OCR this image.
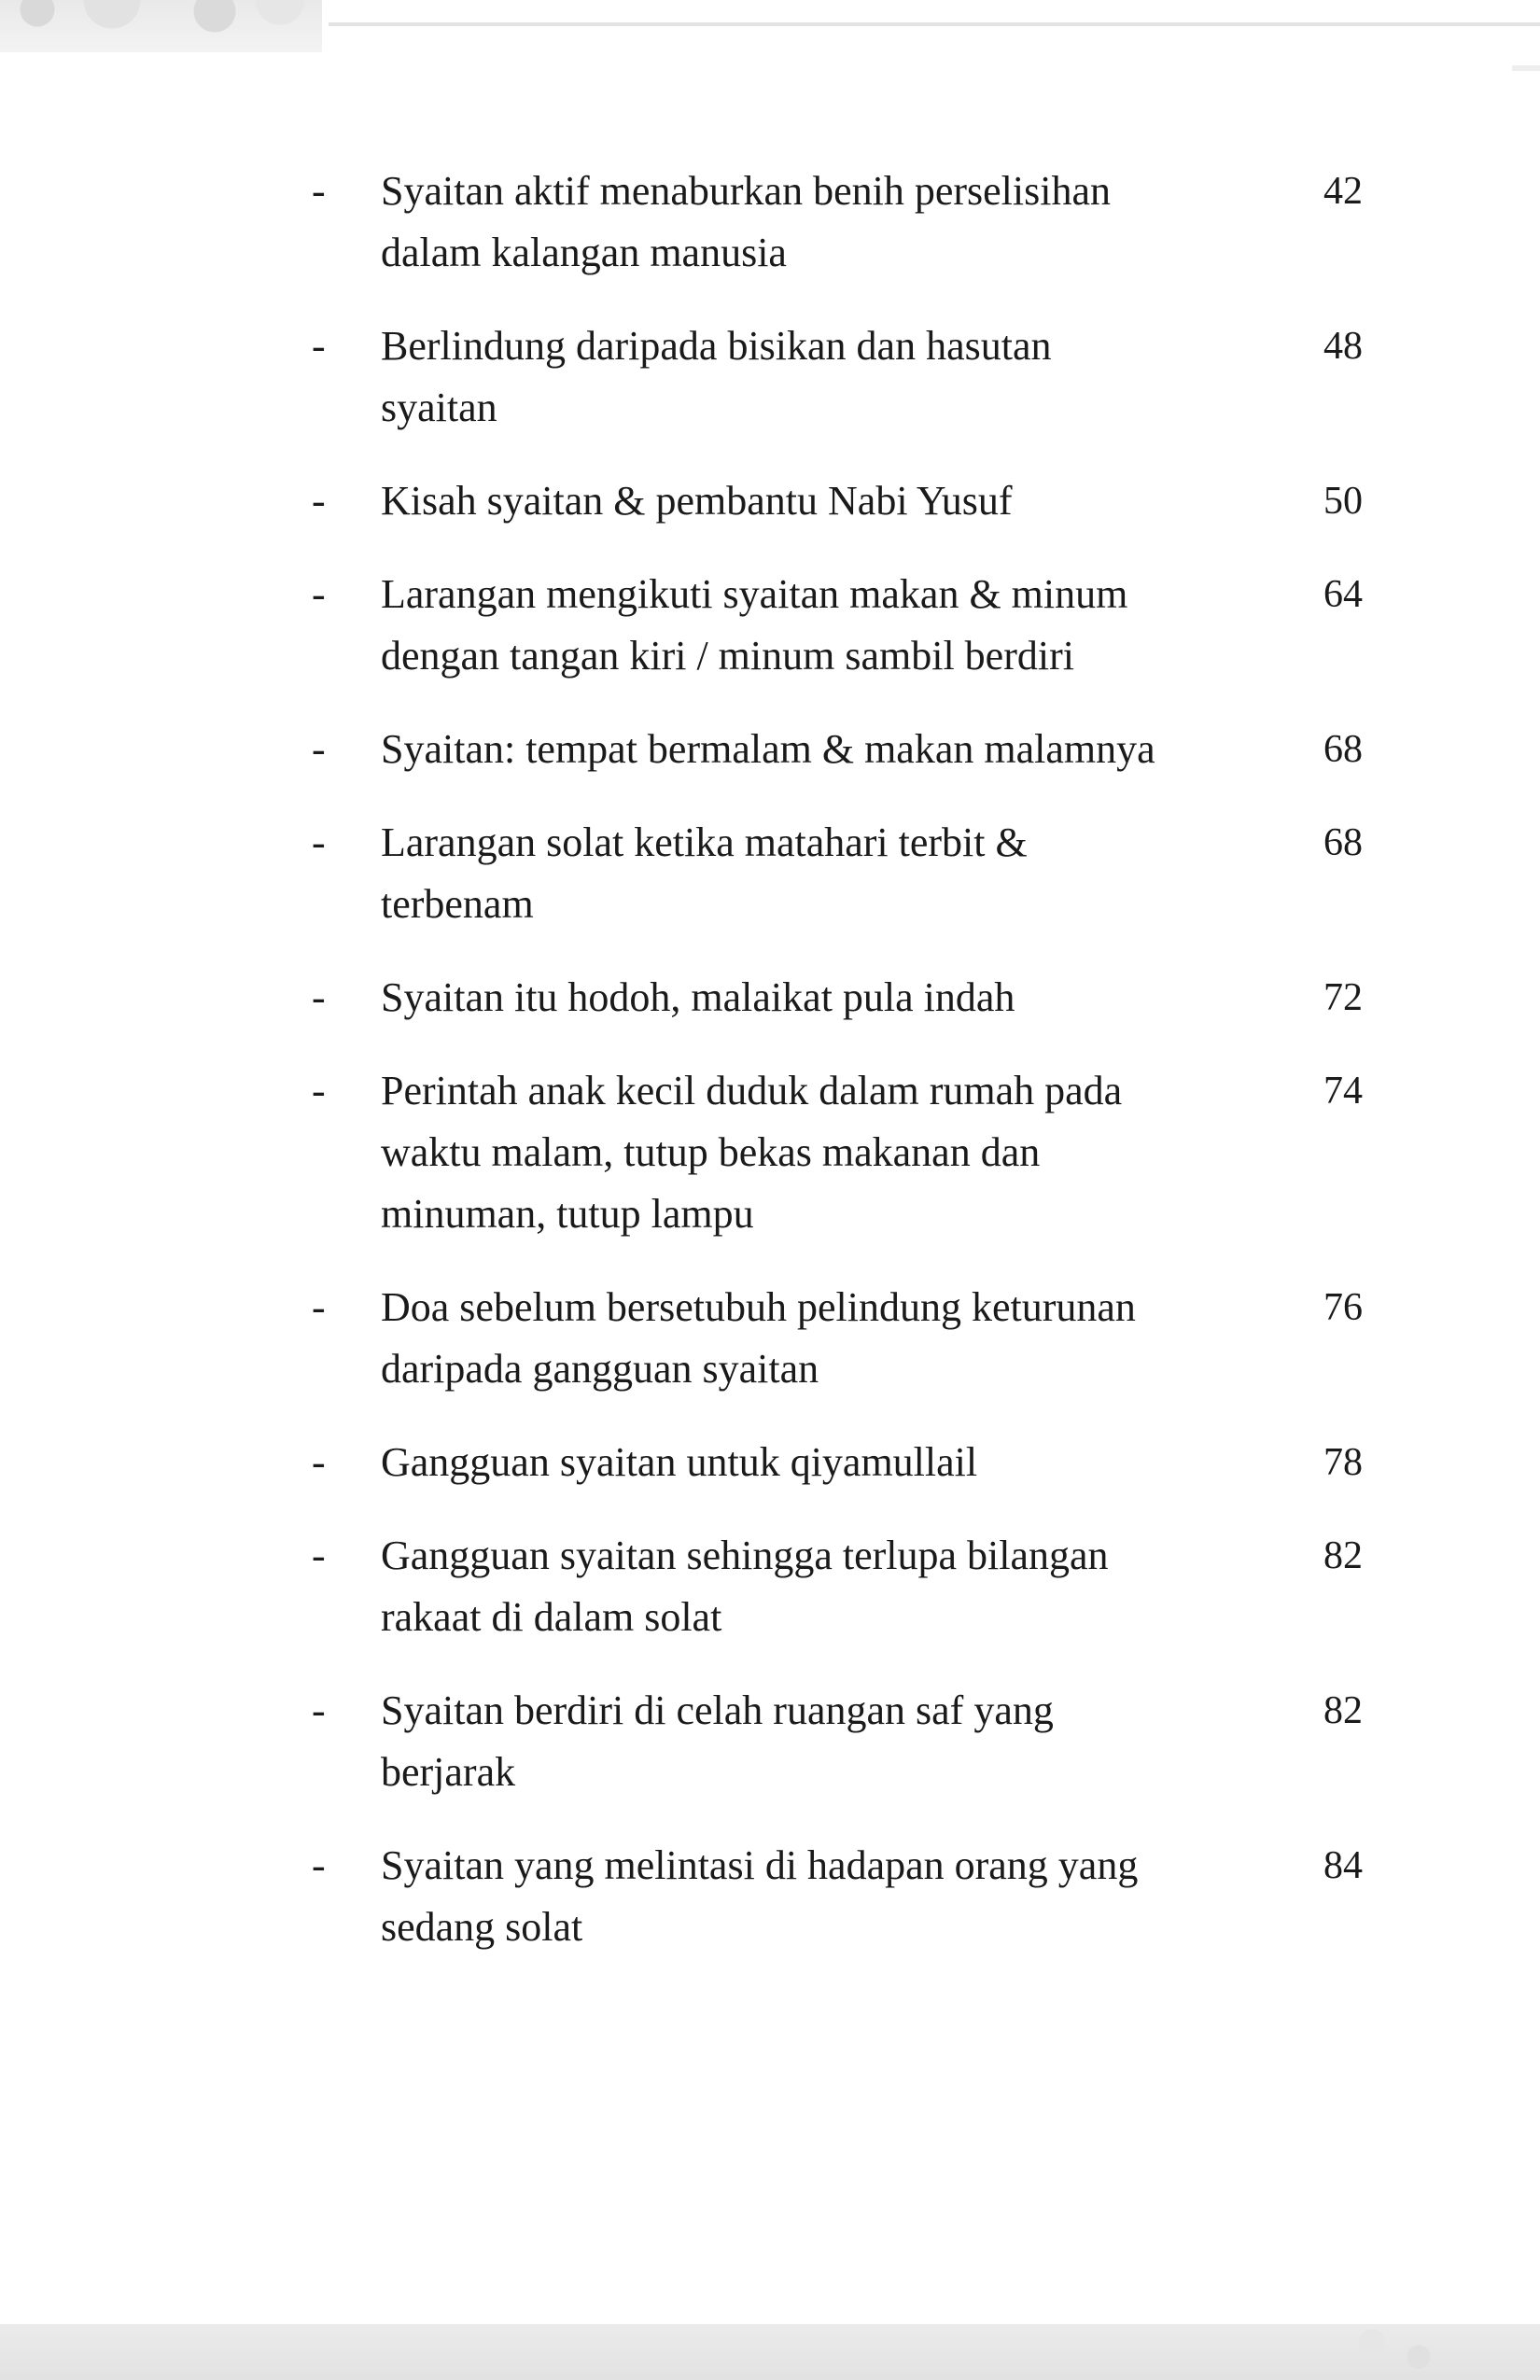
- Syaitan aktif menaburkan benih perselisihan dalam kalangan manusia
42
- Berlindung daripada bisikan dan hasutan syaitan
48
- Kisah syaitan & pembantu Nabi Yusuf	50
- Larangan mengikuti syaitan makan & minum dengan tangan kiri / minum sambil berdiri
64
- Syaitan: tempat bermalam & makan malamnya	68
- Larangan solat ketika matahari terbit & terbenam
68
- Syaitan itu hodoh, malaikat pula indah	72
- Perintah anak kecil duduk dalam rumah pada waktu malam, tutup bekas makanan dan minuman, tutup lampu
74
- Doa sebelum bersetubuh pelindung keturunan daripada gangguan syaitan
76
- Gangguan syaitan untuk qiyamullail	78
- Gangguan syaitan sehingga terlupa bilangan rakaat di dalam solat
82
- Syaitan berdiri di celah ruangan saf yang berjarak
82
- Syaitan yang melintasi di hadapan orang yang sedang solat
84
